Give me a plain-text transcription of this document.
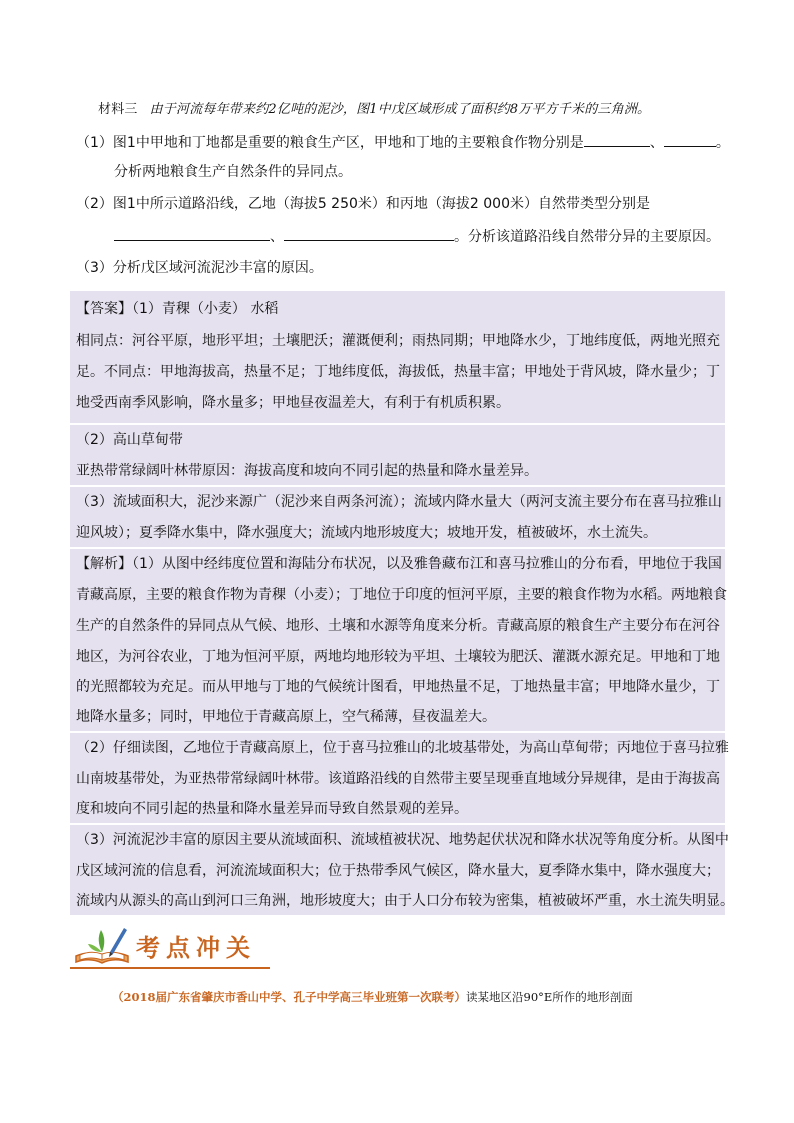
材料三 由于河流每年带来约2亿吨的泥沙，图1中戊区域形成了面积约8万平方千米的三角洲。
（1）图1中甲地和丁地都是重要的粮食生产区，甲地和丁地的主要粮食作物分别是	、	。
分析两地粮食生产自然条件的异同点。
（2）图1中所示道路沿线，乙地（海拔5 250米）和丙地（海拔2 000米）自然带类型分别是
、	。分析该道路沿线自然带分异的主要原因。
（3）分析戊区域河流泥沙丰富的原因。
【答案】（1）青稞（小麦） 水稻
相同点：河谷平原，地形平坦；土壤肥沃；灌溉便利；雨热同期；甲地降水少，丁地纬度低，两地光照充
足。不同点：甲地海拔高，热量不足；丁地纬度低，海拔低，热量丰富；甲地处于背风坡，降水量少；丁
地受西南季风影响，降水量多；甲地昼夜温差大，有利于有机质积累。
（2）高山草甸带
亚热带常绿阔叶林带原因：海拔高度和坡向不同引起的热量和降水量差异。
（3）流域面积大，泥沙来源广（泥沙来自两条河流）；流域内降水量大（两河支流主要分布在喜马拉雅山
迎风坡）；夏季降水集中，降水强度大；流域内地形坡度大；坡地开发，植被破坏，水土流失。
【解析】（1）从图中经纬度位置和海陆分布状况，以及雅鲁藏布江和喜马拉雅山的分布看，甲地位于我国
青藏高原，主要的粮食作物为青稞（小麦）；丁地位于印度的恒河平原，主要的粮食作物为水稻。两地粮食
生产的自然条件的异同点从气候、地形、土壤和水源等角度来分析。青藏高原的粮食生产主要分布在河谷
地区，为河谷农业，丁地为恒河平原，两地均地形较为平坦、土壤较为肥沃、灌溉水源充足。甲地和丁地
的光照都较为充足。而从甲地与丁地的气候统计图看，甲地热量不足，丁地热量丰富；甲地降水量少，丁
地降水量多；同时，甲地位于青藏高原上，空气稀薄，昼夜温差大。
（2）仔细读图，乙地位于青藏高原上，位于喜马拉雅山的北坡基带处，为高山草甸带；丙地位于喜马拉雅
山南坡基带处，为亚热带常绿阔叶林带。该道路沿线的自然带主要呈现垂直地域分异规律，是由于海拔高
度和坡向不同引起的热量和降水量差异而导致自然景观的差异。
（3）河流泥沙丰富的原因主要从流域面积、流域植被状况、地势起伏状况和降水状况等角度分析。从图中
戊区域河流的信息看，河流流域面积大；位于热带季风气候区，降水量大，夏季降水集中，降水强度大；
流域内从源头的高山到河口三角洲，地形坡度大；由于人口分布较为密集，植被破坏严重，水土流失明显。
考点冲关
（2018届广东省肇庆市香山中学、孔子中学高三毕业班第一次联考）读某地区沿90°E所作的地形剖面
